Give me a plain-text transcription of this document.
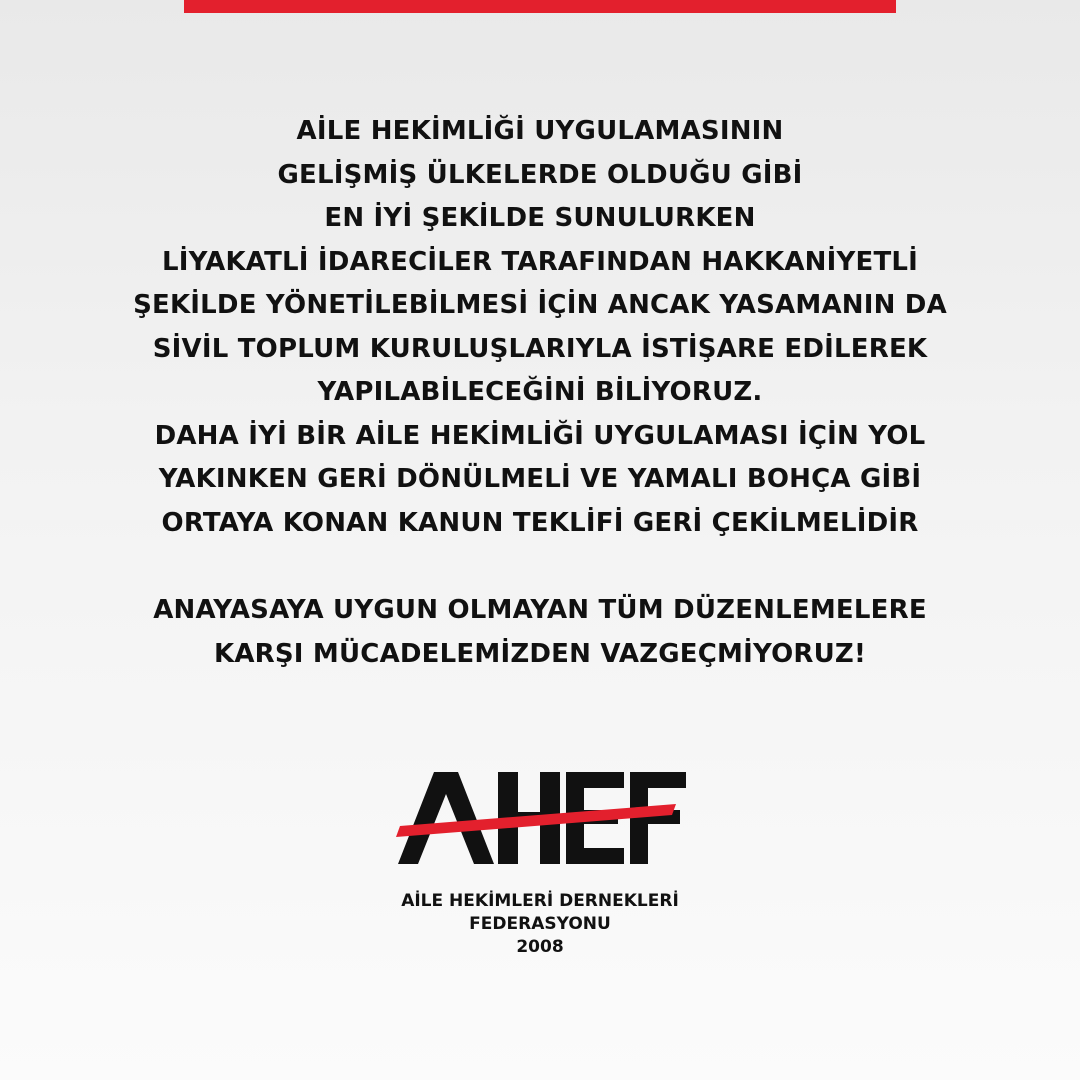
AİLE HEKİMLİĞİ UYGULAMASININ
GELİŞMİŞ ÜLKELERDE OLDUĞU GİBİ
EN İYİ ŞEKİLDE SUNULURKEN
LİYAKATLİ İDARECİLER TARAFINDAN HAKKANİYETLİ
ŞEKİLDE YÖNETİLEBİLMESİ İÇİN ANCAK YASAMANIN DA
SİVİL TOPLUM KURULUŞLARIYLA İSTİŞARE EDİLEREK
YAPILABİLECEĞİNİ BİLİYORUZ.
DAHA İYİ BİR AİLE HEKİMLİĞİ UYGULAMASI İÇİN YOL
YAKINKEN GERİ DÖNÜLMELİ VE YAMALI BOHÇA GİBİ
ORTAYA KONAN KANUN TEKLİFİ GERİ ÇEKİLMELİDİR
ANAYASAYA UYGUN OLMAYAN TÜM DÜZENLEMELERE
KARŞI MÜCADELEMİZDEN VAZGEÇMİYORUZ!
AİLE HEKİMLERİ DERNEKLERİ
FEDERASYONU
2008
